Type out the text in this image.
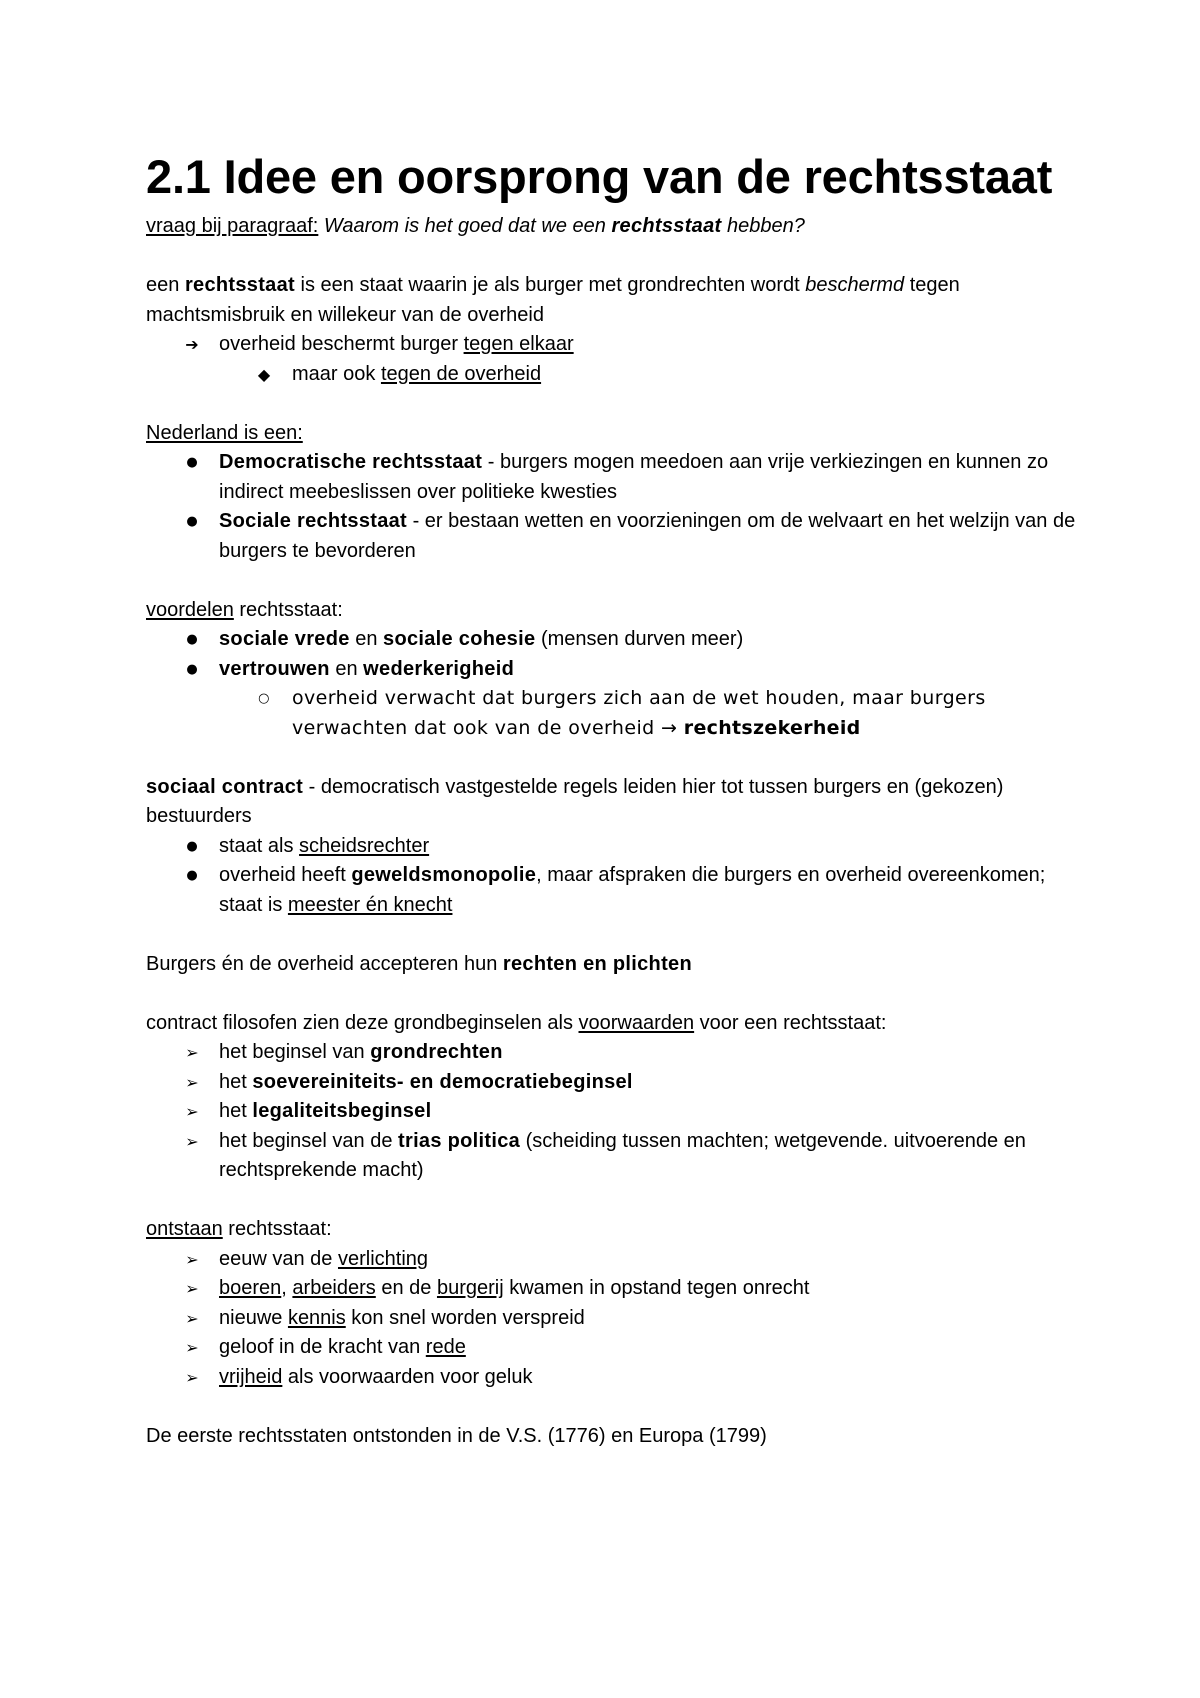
2.1 Idee en oorsprong van de rechtsstaat

vraag bij paragraaf: Waarom is het goed dat we een rechtsstaat hebben?

een rechtsstaat is een staat waarin je als burger met grondrechten wordt beschermd tegen machtsmisbruik en willekeur van de overheid

➔ overheid beschermt burger tegen elkaar
◆ maar ook tegen de overheid

Nederland is een:

● Democratische rechtsstaat - burgers mogen meedoen aan vrije verkiezingen en kunnen zo indirect meebeslissen over politieke kwesties
● Sociale rechtsstaat - er bestaan wetten en voorzieningen om de welvaart en het welzijn van de burgers te bevorderen

voordelen rechtsstaat:

● sociale vrede en sociale cohesie (mensen durven meer)
● vertrouwen en wederkerigheid
○ overheid verwacht dat burgers zich aan de wet houden, maar burgers verwachten dat ook van de overheid → rechtszekerheid

sociaal contract - democratisch vastgestelde regels leiden hier tot tussen burgers en (gekozen) bestuurders

● staat als scheidsrechter
● overheid heeft geweldsmonopolie, maar afspraken die burgers en overheid overeenkomen; staat is meester én knecht

Burgers én de overheid accepteren hun rechten en plichten

contract filosofen zien deze grondbeginselen als voorwaarden voor een rechtsstaat:

➢ het beginsel van grondrechten
➢ het soevereiniteits- en democratiebeginsel
➢ het legaliteitsbeginsel
➢ het beginsel van de trias politica (scheiding tussen machten; wetgevende. uitvoerende en rechtsprekende macht)

ontstaan rechtsstaat:

➢ eeuw van de verlichting
➢ boeren, arbeiders en de burgerij kwamen in opstand tegen onrecht
➢ nieuwe kennis kon snel worden verspreid
➢ geloof in de kracht van rede
➢ vrijheid als voorwaarden voor geluk

De eerste rechtsstaten ontstonden in de V.S. (1776) en Europa (1799)
